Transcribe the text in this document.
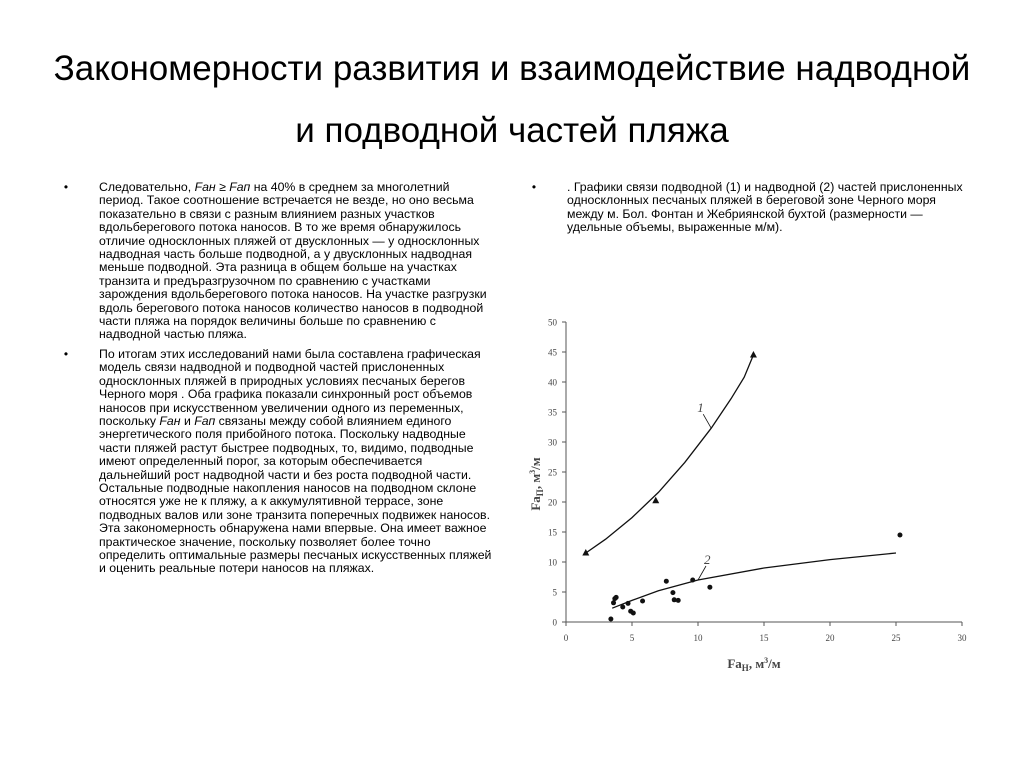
Закономерности развития и взаимодействие надводной
и подводной частей пляжа
•	Следовательно, Fан ≥ Fап на 40% в среднем за многолетний период. Такое соотношение встречается не везде, но оно весьма показательно в связи с разным влиянием разных участков вдольберегового потока наносов. В то же время обнаружилось отличие односклонных пляжей от двусклонных — у односклонных надводная часть больше подводной, а у двусклонных надводная меньше подводной. Эта разница в общем больше на участках транзита и предъразгрузочном по сравнению с участками зарождения вдольберегового потока наносов. На участке разгрузки вдоль берегового потока наносов количество наносов в подводной части пляжа на порядок величины больше по сравнению с надводной частью пляжа.
•	По итогам этих исследований нами была составлена графическая модель связи надводной и подводной частей прислоненных односклонных пляжей в природных условиях песчаных берегов Черного моря . Оба графика показали синхронный рост объемов наносов при искусственном увеличении одного из переменных, поскольку Fан и Fап связаны между собой влиянием единого энергетического поля прибойного потока. Поскольку надводные части пляжей растут быстрее подводных, то, видимо, подводные имеют определенный порог, за которым обеспечивается дальнейший рост надводной части и без роста подводной части. Остальные подводные накопления наносов на подводном склоне относятся уже не к пляжу, а к аккумулятивной террасе, зоне подводных валов или зоне транзита поперечных подвижек наносов. Эта закономерность обнаружена нами впервые. Она имеет важное практическое значение, поскольку позволяет более точно определить оптимальные размеры песчаных искусственных пляжей и оценить реальные потери наносов на пляжах.
•	. Графики связи подводной (1) и надводной (2) частей прислоненных односклонных песчаных пляжей в береговой зоне Черного моря между м. Бол. Фонтан и Жебриянской бухтой (размерности — удельные объемы, выраженные м/м).
0
5
10
15
20
25
30
35
40
45
50
0	5	10	15	20	25	30
1
2
$Fa_H$, $м^3/м$
$Fa_П$, $м^3/м$
